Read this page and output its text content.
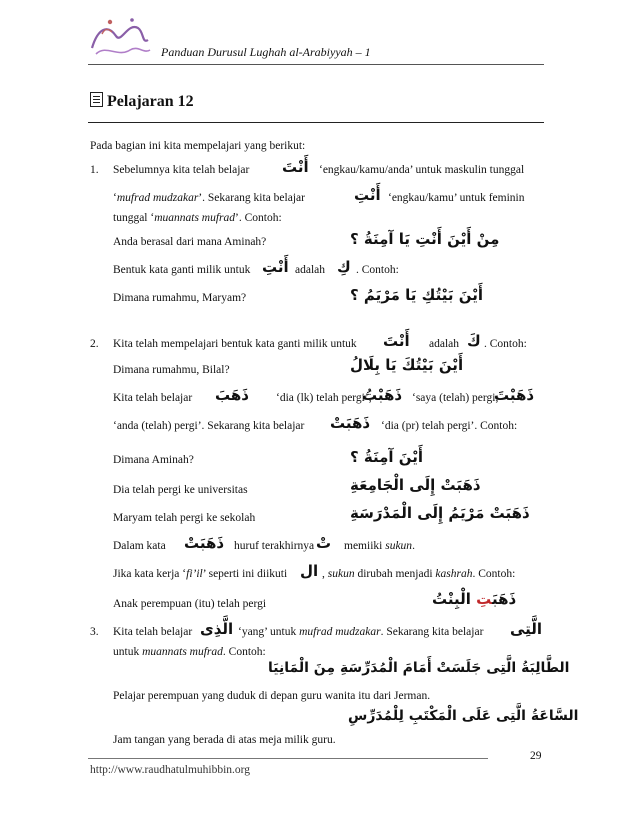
Panduan Durusul Lughah al-Arabiyyah – 1
Pelajaran 12
Pada bagian ini kita mempelajari yang berikut:
1. Sebelumnya kita telah belajar أَنْتَ ‘engkau/kamu/anda’ untuk maskulin tunggal
‘mufrad mudzakar’. Sekarang kita belajar	أَنْتِ ‘engkau/kamu’ untuk feminin
tunggal ‘muannats mufrad’. Contoh:
Anda berasal dari mana Aminah?	مِنْ أَيْنَ أَنْتِ يَا آمِنَةُ ؟
Bentuk kata ganti milik untuk أَنْتِ adalah كِ . Contoh:
Dimana rumahmu, Maryam?	أَيْنَ بَيْتُكِ يَا مَرْيَمُ ؟
2. Kita telah mempelajari bentuk kata ganti milik untuk أَنْتَ adalah كَ . Contoh:
Dimana rumahmu, Bilal?	أَيْنَ بَيْتُكَ يَا بِلَالُ
Kita telah belajar ذَهَبَ ‘dia (lk) telah pergi’,
ذَهَبْتُ ‘saya (telah) pergi,
ذَهَبْتَ
‘anda (telah) pergi’. Sekarang kita belajar ذَهَبَتْ ‘dia (pr) telah pergi’. Contoh:
Dimana Aminah?	أَيْنَ آمِنَةُ ؟
Dia telah pergi ke universitas	ذَهَبَتْ إِلَى الْجَامِعَةِ
Maryam telah pergi ke sekolah	ذَهَبَتْ مَرْيَمُ إِلَى الْمَدْرَسَةِ
Dalam kata ذَهَبَتْ huruf terakhirnya تْ memiiki sukun.
Jika kata kerja ‘fi’il’ seperti ini diikuti ال , sukun dirubah menjadi kashrah. Contoh:
Anak perempuan (itu) telah pergi	ذَهَبَتِ الْبِنْتُ
3. Kita telah belajar الَّذِى ‘yang’ untuk mufrad mudzakar. Sekarang kita belajar الَّتِى
untuk muannats mufrad. Contoh:
الطَّالِبَةُ الَّتِى جَلَسَتْ أَمَامَ الْمُدَرِّسَةِ مِنَ الْمَانِيَا
Pelajar perempuan yang duduk di depan guru wanita itu dari Jerman.
السَّاعَةُ الَّتِى عَلَى الْمَكْتَبِ لِلْمُدَرِّسِ
Jam tangan yang berada di atas meja milik guru.
29
http://www.raudhatulmuhibbin.org
